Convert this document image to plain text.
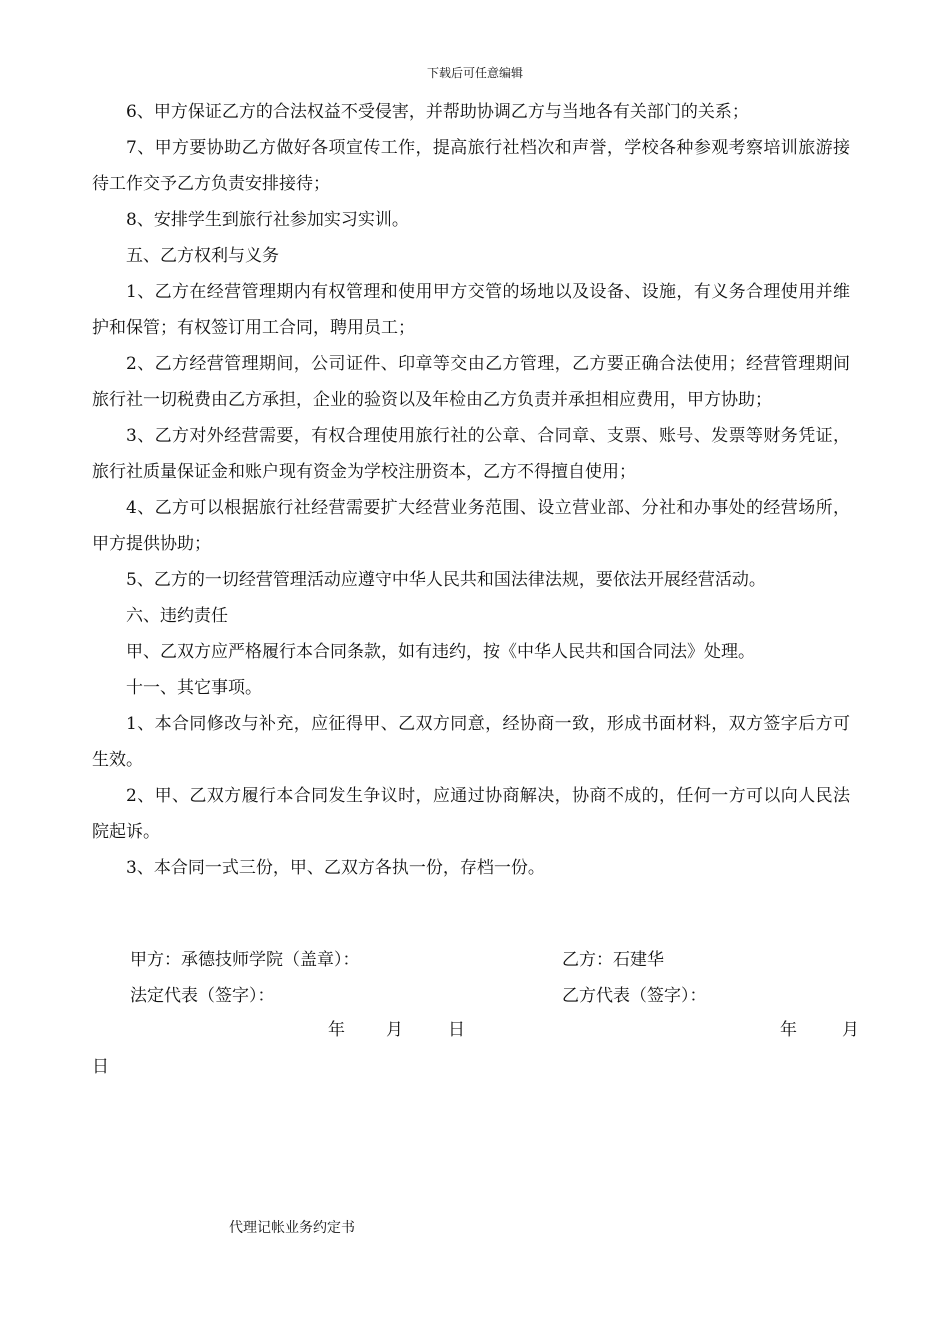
下载后可任意编辑

6、甲方保证乙方的合法权益不受侵害，并帮助协调乙方与当地各有关部门的关系；

7、甲方要协助乙方做好各项宣传工作，提高旅行社档次和声誉，学校各种参观考察培训旅游接待工作交予乙方负责安排接待；

8、安排学生到旅行社参加实习实训。

五、乙方权利与义务

1、乙方在经营管理期内有权管理和使用甲方交管的场地以及设备、设施，有义务合理使用并维护和保管；有权签订用工合同，聘用员工；

2、乙方经营管理期间，公司证件、印章等交由乙方管理，乙方要正确合法使用；经营管理期间旅行社一切税费由乙方承担，企业的验资以及年检由乙方负责并承担相应费用，甲方协助；

3、乙方对外经营需要，有权合理使用旅行社的公章、合同章、支票、账号、发票等财务凭证，旅行社质量保证金和账户现有资金为学校注册资本，乙方不得擅自使用；

4、乙方可以根据旅行社经营需要扩大经营业务范围、设立营业部、分社和办事处的经营场所，甲方提供协助；

5、乙方的一切经营管理活动应遵守中华人民共和国法律法规，要依法开展经营活动。

六、违约责任

甲、乙双方应严格履行本合同条款，如有违约，按《中华人民共和国合同法》处理。

十一、其它事项。

1、本合同修改与补充，应征得甲、乙双方同意，经协商一致，形成书面材料，双方签字后方可生效。

2、甲、乙双方履行本合同发生争议时，应通过协商解决，协商不成的，任何一方可以向人民法院起诉。

3、本合同一式三份，甲、乙双方各执一份，存档一份。

甲方：承德技师学院（盖章）：	乙方：石建华
法定代表（签字）：	乙方代表（签字）：
年 月	日	年	月
日
代理记帐业务约定书
